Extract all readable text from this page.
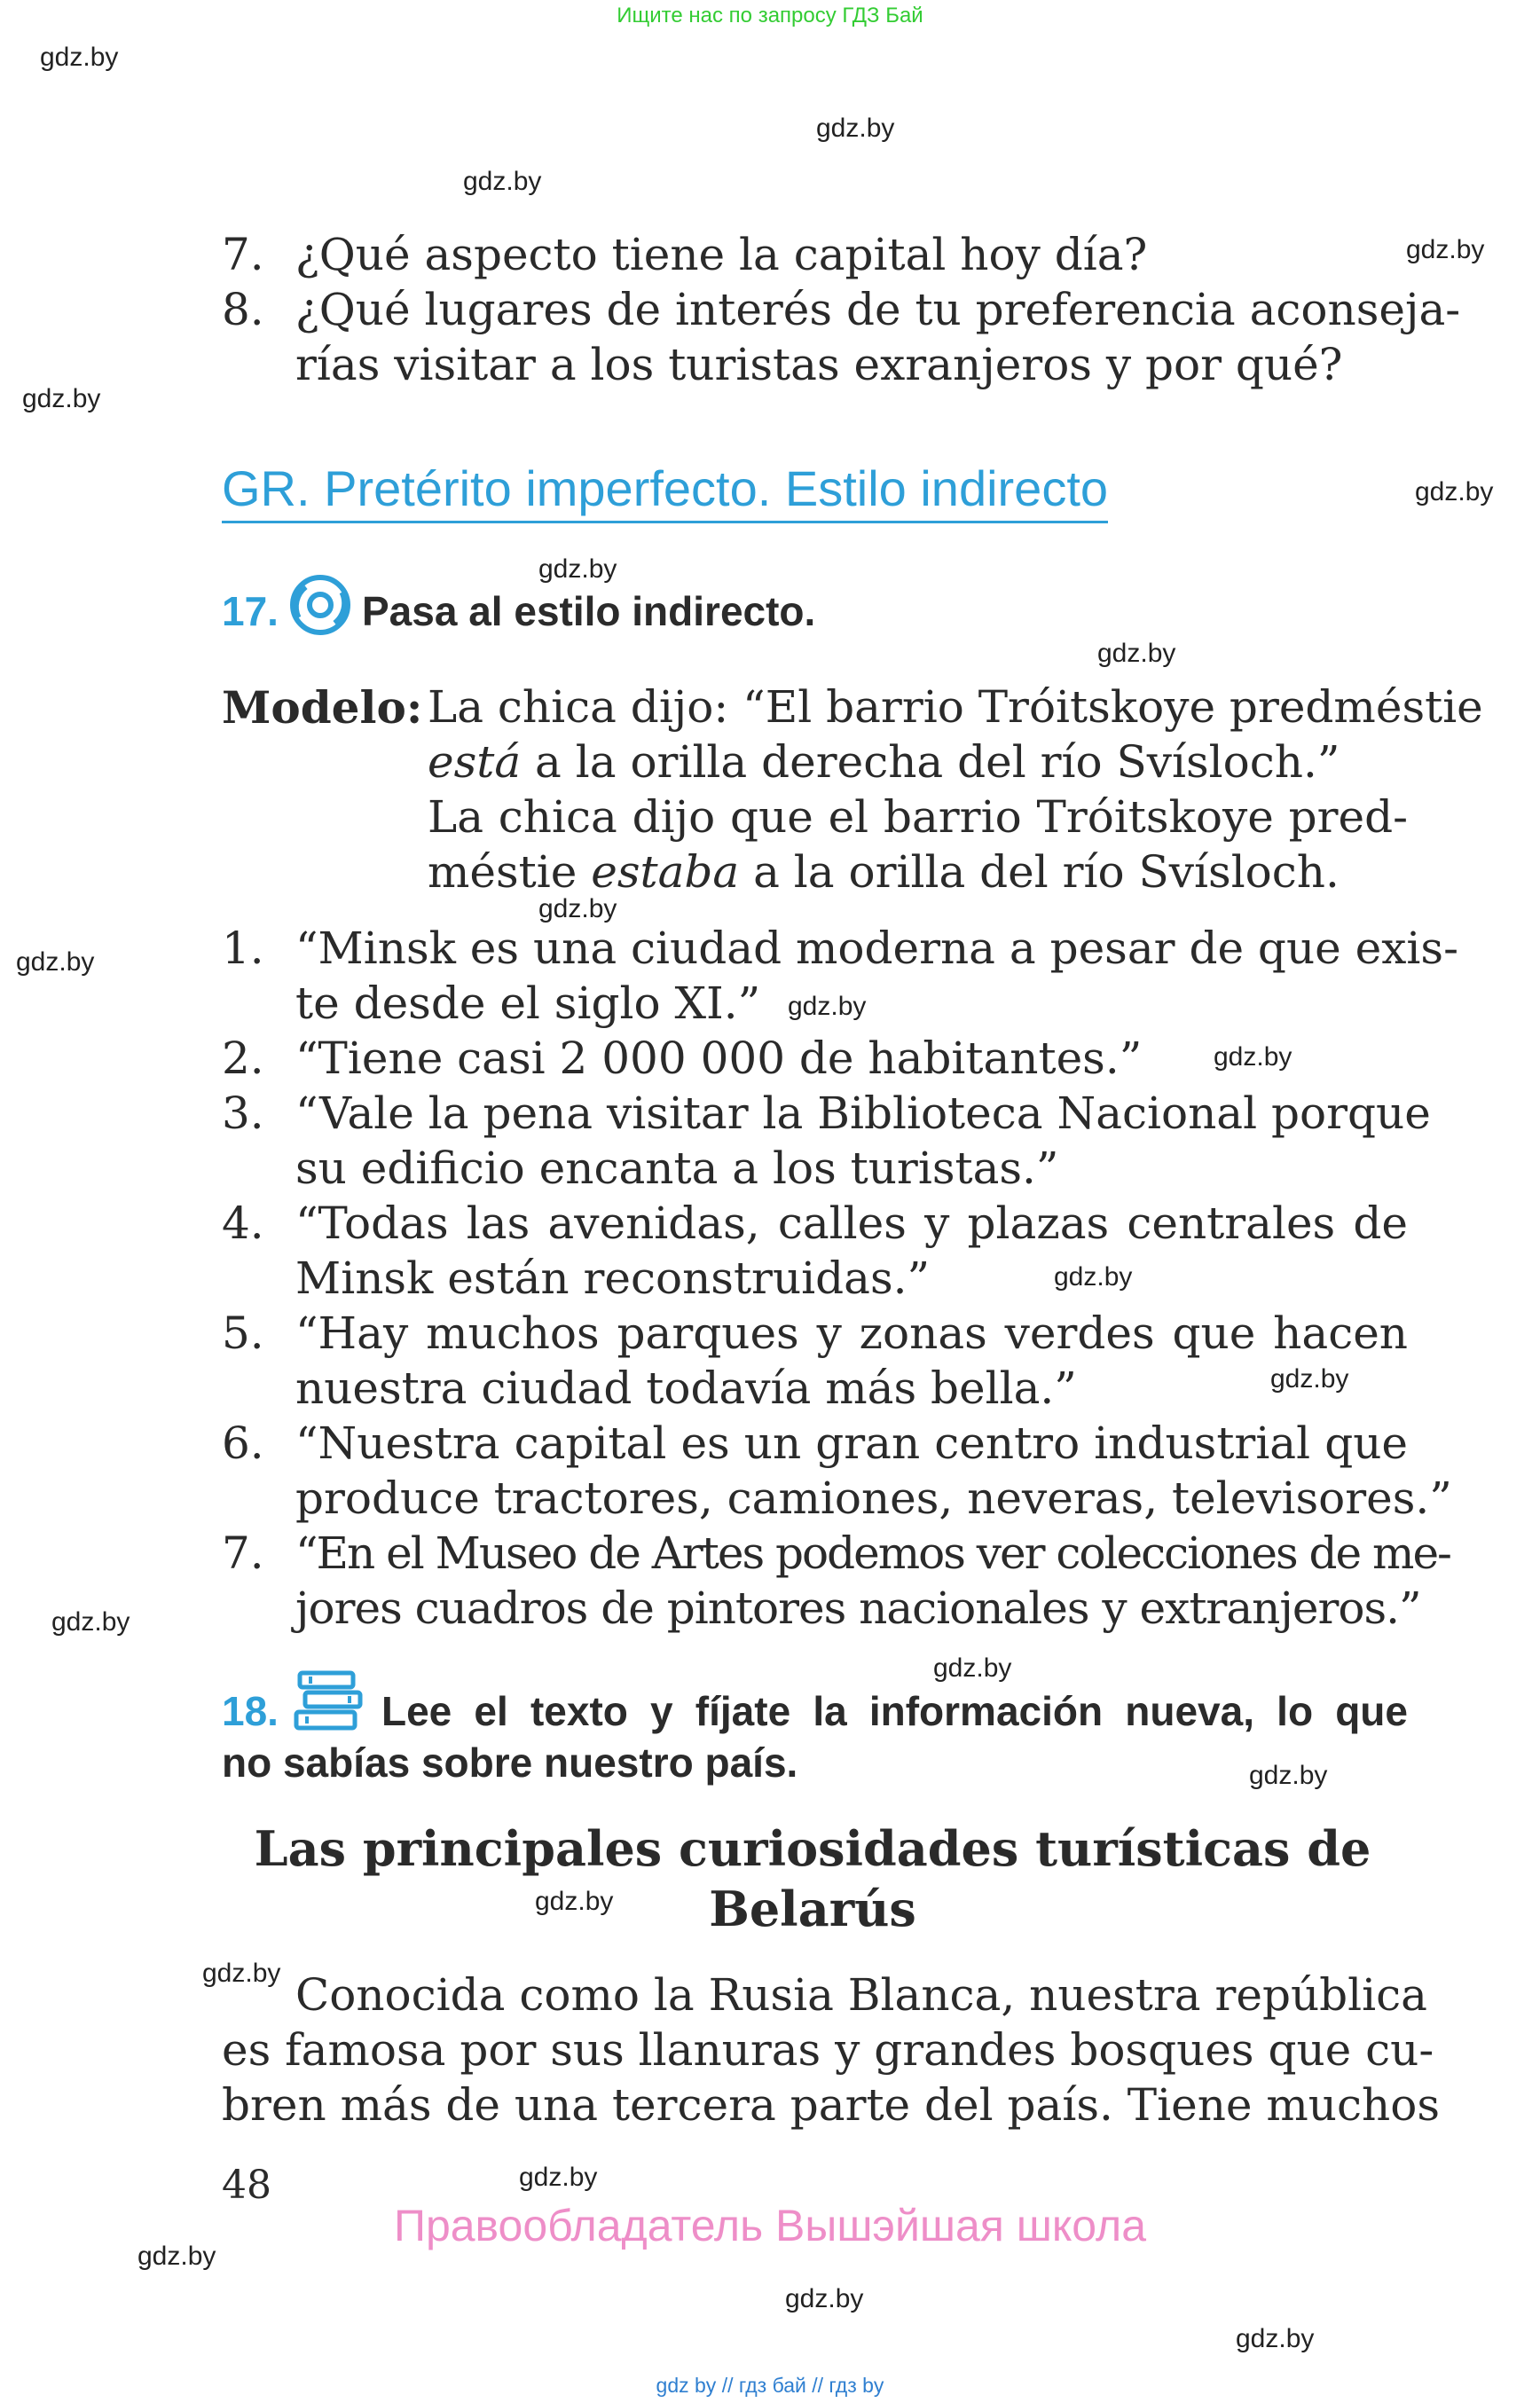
Ищите нас по запросу ГДЗ Бай
gdz.by
gdz.by
gdz.by
gdz.by
gdz.by
gdz.by
gdz.by
gdz.by
gdz.by
gdz.by
gdz.by
gdz.by
gdz.by
gdz.by
gdz.by
gdz.by
gdz.by
gdz.by
gdz.by
gdz.by
gdz.by
gdz.by
gdz.by
7. ¿Qué aspecto tiene la capital hoy día?
8. ¿Qué lugares de interés de tu preferencia aconseja-
rías visitar a los turistas exranjeros y por qué?
GR. Pretérito imperfecto. Estilo indirecto
17. Pasa al estilo indirecto.
Modelo: La chica dijo: “El barrio Tróitskoye predméstie
está a la orilla derecha del río Svísloch.”
La chica dijo que el barrio Tróitskoye pred-
méstie estaba a la orilla del río Svísloch.
1. “Minsk es una ciudad moderna a pesar de que exis-
te desde el siglo XI.”
2. “Tiene casi 2 000 000 de habitantes.”
3. “Vale la pena visitar la Biblioteca Nacional porque
su edificio encanta a los turistas.”
4. “Todas las avenidas, calles y plazas centrales de
Minsk están reconstruidas.”
5. “Hay muchos parques y zonas verdes que hacen
nuestra ciudad todavía más bella.”
6. “Nuestra capital es un gran centro industrial que
produce tractores, camiones, neveras, televisores.”
7. “En el Museo de Artes podemos ver colecciones de me-
jores cuadros de pintores nacionales y extranjeros.”
18.	Lee el texto y fíjate la información nueva, lo que
no sabías sobre nuestro país.
Las principales curiosidades turísticas de
Belarús
Conocida como la Rusia Blanca, nuestra república
es famosa por sus llanuras y grandes bosques que cu-
bren más de una tercera parte del país. Tiene muchos
48
Правообладатель Вышэйшая школа
gdz by // гдз бай // гдз by
